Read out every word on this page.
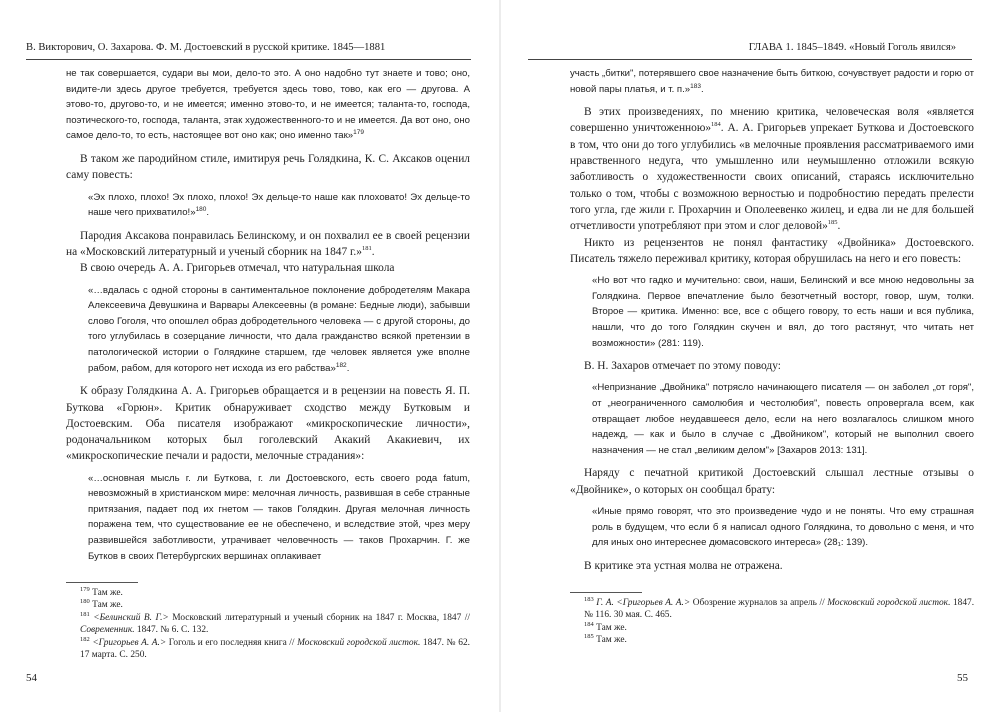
В. Викторович, О. Захарова. Ф. М. Достоевский в русской критике. 1845—1881
не так совершается, судари вы мои, дело-то это. А оно надобно тут знаете и тово; оно, видите-ли здесь другое требуется, требуется здесь тово, тово, как его — другова. А этово-то, другово-то, и не имеется; именно этово-то, и не имеется; таланта-то, господа, поэтического-то, господа, таланта, этак художественного-то и не имеется. Да вот оно, оно самое дело-то, то есть, настоящее вот оно как; оно именно так»$^{179}$

В таком же пародийном стиле, имитируя речь Голядкина, К. С. Аксаков оценил саму повесть:

«Эх плохо, плохо! Эх плохо, плохо! Эх дельце-то наше как плоховато! Эх дельце-то наше чего прихватило!»$^{180}$.

Пародия Аксакова понравилась Белинскому, и он похвалил ее в своей рецензии на «Московский литературный и ученый сборник на 1847 г.»$^{181}$.

В свою очередь А. А. Григорьев отмечал, что натуральная школа

«…вдалась с одной стороны в сантиментальное поклонение добродетелям Макара Алексеевича Девушкина и Варвары Алексеевны (в романе: Бедные люди), забывши слово Гоголя, что опошлел образ добродетельного человека — с другой стороны, до того углубилась в созерцание личности, что дала гражданство всякой претензии в патологической истории о Голядкине старшем, где человек является уже вполне рабом, рабом, для которого нет исхода из его рабства»$^{182}$.

К образу Голядкина А. А. Григорьев обращается и в рецензии на повесть Я. П. Буткова «Горюн». Критик обнаруживает сходство между Бутковым и Достоевским. Оба писателя изображают «микроскопические личности», родоначальником которых был гоголевский Акакий Акакиевич, их «микроскопические печали и радости, мелочные страдания»:

«…основная мысль г. ли Буткова, г. ли Достоевского, есть своего рода fatum, невозможный в христианском мире: мелочная личность, развившая в себе странные притязания, падает под их гнетом — таков Голядкин. Другая мелочная личность поражена тем, что существование ее не обеспечено, и вследствие этой, чрез меру развившейся заботливости, утрачивает человечность — таков Прохарчин. Г. же Бутков в своих Петербургских вершинах оплакивает

$^{179}$ Там же.

$^{180}$ Там же.

$^{181}$ <Белинский В. Г.> Московский литературный и ученый сборник на 1847 г. Москва, 1847 // Современник. 1847. № 6. С. 132.

$^{182}$ <Григорьев А. А.> Гоголь и его последняя книга // Московский городской листок. 1847. № 62. 17 марта. С. 250.

54
ГЛАВА 1. 1845–1849. «Новый Гоголь явился»
участь „битки", потерявшего свое назначение быть биткою, сочувствует радости и горю от новой пары платья, и т. п.»$^{183}$.

В этих произведениях, по мнению критика, человеческая воля «является совершенно уничтоженною»$^{184}$. А. А. Григорьев упрекает Буткова и Достоевского в том, что они до того углубились «в мелочные проявления рассматриваемого ими нравственного недуга, что умышленно или неумышленно отложили всякую заботливость о художественности своих описаний, стараясь исключительно только о том, чтобы с возможною верностью и подробностию передать прелести того угла, где жили г. Прохарчин и Ополеевенко жилец, и едва ли не для большей отчетливости употребляют при этом и слог деловой»$^{185}$.

Никто из рецензентов не понял фантастику «Двойника» Достоевского. Писатель тяжело переживал критику, которая обрушилась на него и его повесть:

«Но вот что гадко и мучительно: свои, наши, Белинский и все мною недовольны за Голядкина. Первое впечатление было безотчетный восторг, говор, шум, толки. Второе — критика. Именно: все, все с общего говору, то есть наши и вся публика, нашли, что до того Голядкин скучен и вял, до того растянут, что читать нет возможности» (281: 119).

В. Н. Захаров отмечает по этому поводу:

«Непризнание „Двойника" потрясло начинающего писателя — он заболел „от горя", от „неограниченного самолюбия и честолюбия", повесть опровергала всем, как отвращает любое неудавшееся дело, если на него возлагалось слишком много надежд, — как и было в случае с „Двойником", который не выполнил своего назначения — не стал „великим делом"» [Захаров 2013: 131].

Наряду с печатной критикой Достоевский слышал лестные отзывы о «Двойнике», о которых он сообщал брату:

«Иные прямо говорят, что это произведение чудо и не поняты. Что ему страшная роль в будущем, что если б я написал одного Голядкина, то довольно с меня, и что для иных оно интереснее дюмасовского интереса» (28₁: 139).

В критике эта устная молва не отражена.

$^{183}$ Г. А. <Григорьев А. А.> Обозрение журналов за апрель // Московский городской листок. 1847. № 116. 30 мая. С. 465.

$^{184}$ Там же.

$^{185}$ Там же.

55
